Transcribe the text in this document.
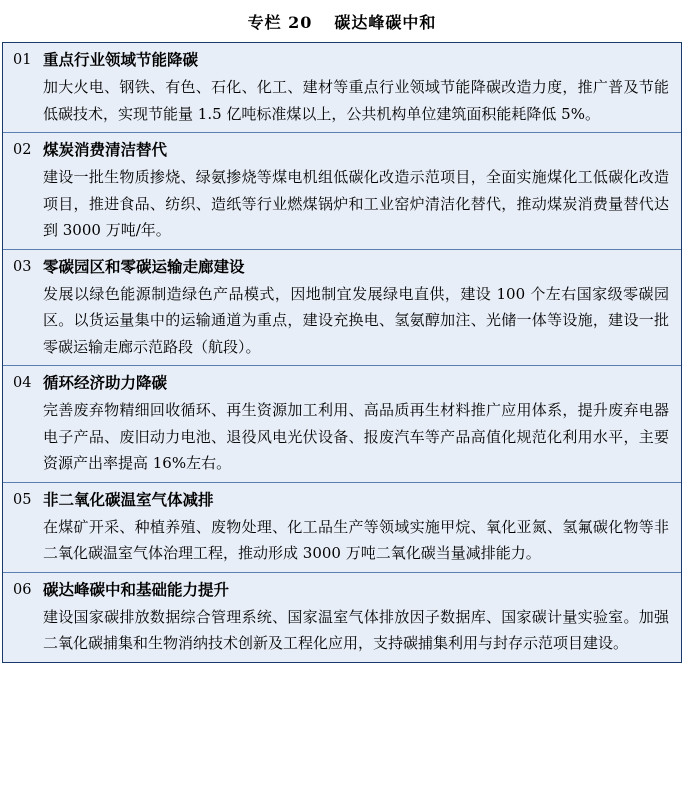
专栏 20 碳达峰碳中和
01 重点行业领域节能降碳
加大火电、钢铁、有色、石化、化工、建材等重点行业领域节能降碳改造力度，推广普及节能低碳技术，实现节能量 1.5 亿吨标准煤以上，公共机构单位建筑面积能耗降低 5%。
02 煤炭消费清洁替代
建设一批生物质掺烧、绿氨掺烧等煤电机组低碳化改造示范项目，全面实施煤化工低碳化改造项目，推进食品、纺织、造纸等行业燃煤锅炉和工业窑炉清洁化替代，推动煤炭消费量替代达到 3000 万吨/年。
03 零碳园区和零碳运输走廊建设
发展以绿色能源制造绿色产品模式，因地制宜发展绿电直供，建设 100 个左右国家级零碳园区。以货运量集中的运输通道为重点，建设充换电、氢氨醇加注、光储一体等设施，建设一批零碳运输走廊示范路段（航段）。
04 循环经济助力降碳
完善废弃物精细回收循环、再生资源加工利用、高品质再生材料推广应用体系，提升废弃电器电子产品、废旧动力电池、退役风电光伏设备、报废汽车等产品高值化规范化利用水平，主要资源产出率提高 16%左右。
05 非二氧化碳温室气体减排
在煤矿开采、种植养殖、废物处理、化工品生产等领域实施甲烷、氧化亚氮、氢氟碳化物等非二氧化碳温室气体治理工程，推动形成 3000 万吨二氧化碳当量减排能力。
06 碳达峰碳中和基础能力提升
建设国家碳排放数据综合管理系统、国家温室气体排放因子数据库、国家碳计量实验室。加强二氧化碳捕集和生物消纳技术创新及工程化应用，支持碳捕集利用与封存示范项目建设。
